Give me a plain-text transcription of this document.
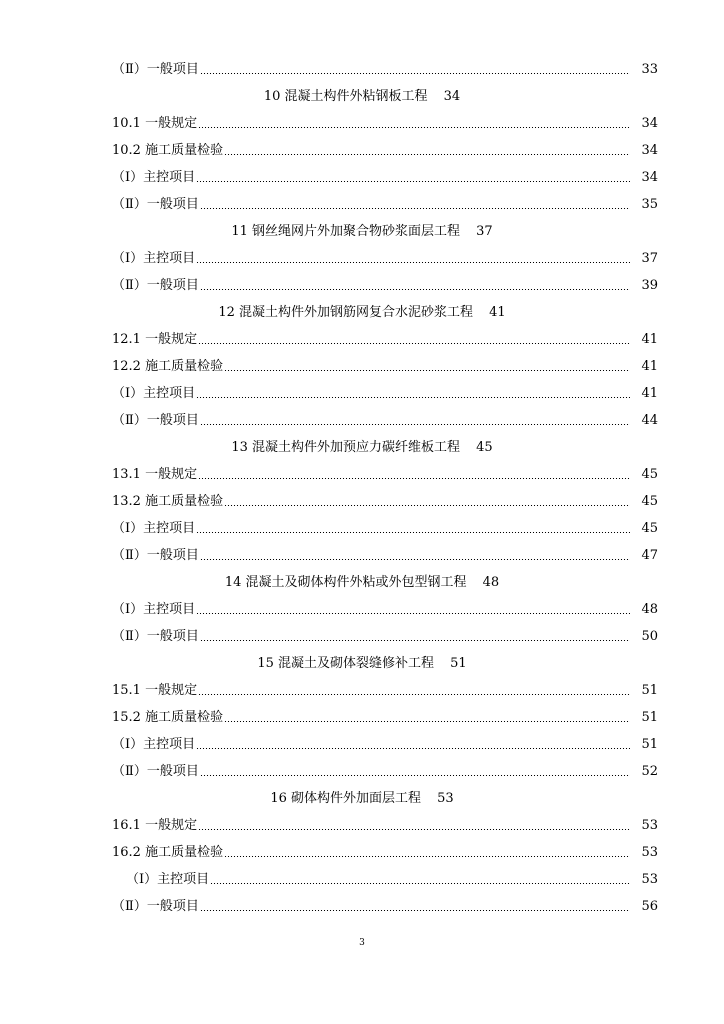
（Ⅱ）一般项目	33
10 混凝土构件外粘钢板工程 34
10.1 一般规定	34
10.2 施工质量检验	34
（Ⅰ）主控项目	34
（Ⅱ）一般项目	35
11 钢丝绳网片外加聚合物砂浆面层工程 37
（Ⅰ）主控项目	37
（Ⅱ）一般项目	39
12 混凝土构件外加钢筋网复合水泥砂浆工程 41
12.1 一般规定	41
12.2 施工质量检验	41
（Ⅰ）主控项目	41
（Ⅱ）一般项目	44
13 混凝土构件外加预应力碳纤维板工程 45
13.1 一般规定	45
13.2 施工质量检验	45
（Ⅰ）主控项目	45
（Ⅱ）一般项目	47
14 混凝土及砌体构件外粘或外包型钢工程 48
（Ⅰ）主控项目	48
（Ⅱ）一般项目	50
15 混凝土及砌体裂缝修补工程 51
15.1 一般规定	51
15.2 施工质量检验	51
（Ⅰ）主控项目	51
（Ⅱ）一般项目	52
16 砌体构件外加面层工程 53
16.1 一般规定	53
16.2 施工质量检验	53
（Ⅰ）主控项目	53
（Ⅱ）一般项目	56
3
